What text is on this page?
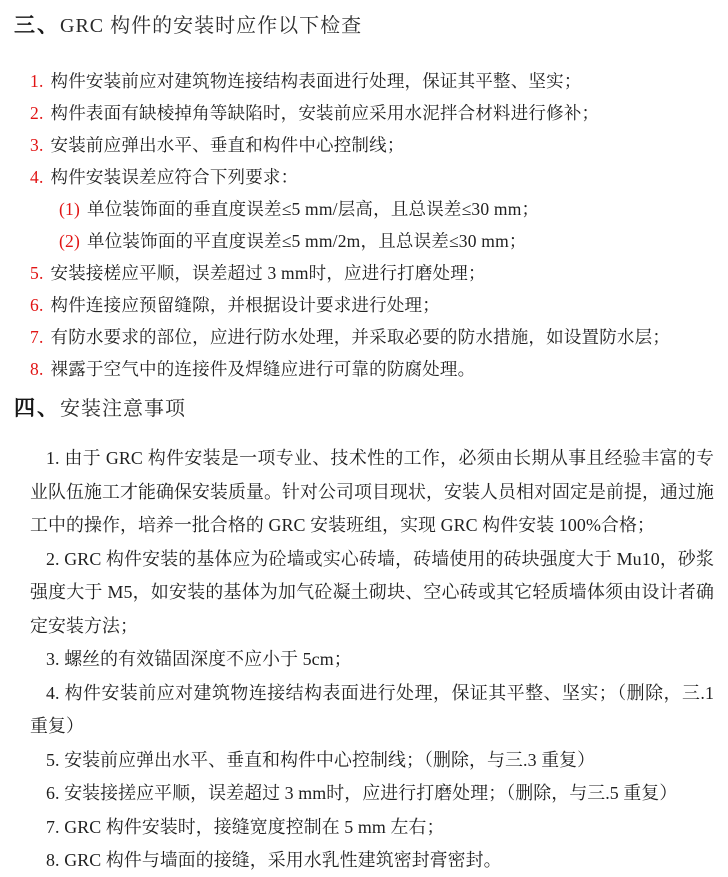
三、GRC 构件的安装时应作以下检查
1. 构件安装前应对建筑物连接结构表面进行处理，保证其平整、坚实；
2. 构件表面有缺棱掉角等缺陷时，安装前应采用水泥拌合材料进行修补；
3. 安装前应弹出水平、垂直和构件中心控制线；
4. 构件安装误差应符合下列要求：
(1) 单位装饰面的垂直度误差≤5 mm/层高，且总误差≤30 mm；
(2) 单位装饰面的平直度误差≤5 mm/2m，且总误差≤30 mm；
5. 安装接槎应平顺，误差超过 3 mm时，应进行打磨处理；
6. 构件连接应预留缝隙，并根据设计要求进行处理；
7. 有防水要求的部位，应进行防水处理，并采取必要的防水措施，如设置防水层；
8. 裸露于空气中的连接件及焊缝应进行可靠的防腐处理。
四、安装注意事项

1. 由于 GRC 构件安装是一项专业、技术性的工作，必须由长期从事且经验丰富的专业队伍施工才能确保安装质量。针对公司项目现状，安装人员相对固定是前提，通过施工中的操作，培养一批合格的 GRC 安装班组，实现 GRC 构件安装 100%合格；

2. GRC 构件安装的基体应为砼墙或实心砖墙，砖墙使用的砖块强度大于 Mu10，砂浆强度大于 M5，如安装的基体为加气砼凝土砌块、空心砖或其它轻质墙体须由设计者确定安装方法；

3. 螺丝的有效锚固深度不应小于 5cm；

4. 构件安装前应对建筑物连接结构表面进行处理，保证其平整、坚实；（删除，三.1 重复）

5. 安装前应弹出水平、垂直和构件中心控制线；（删除，与三.3 重复）

6. 安装接搓应平顺，误差超过 3 mm时，应进行打磨处理；（删除，与三.5 重复）

7. GRC 构件安装时，接缝宽度控制在 5 mm 左右；

8. GRC 构件与墙面的接缝，采用水乳性建筑密封膏密封。
